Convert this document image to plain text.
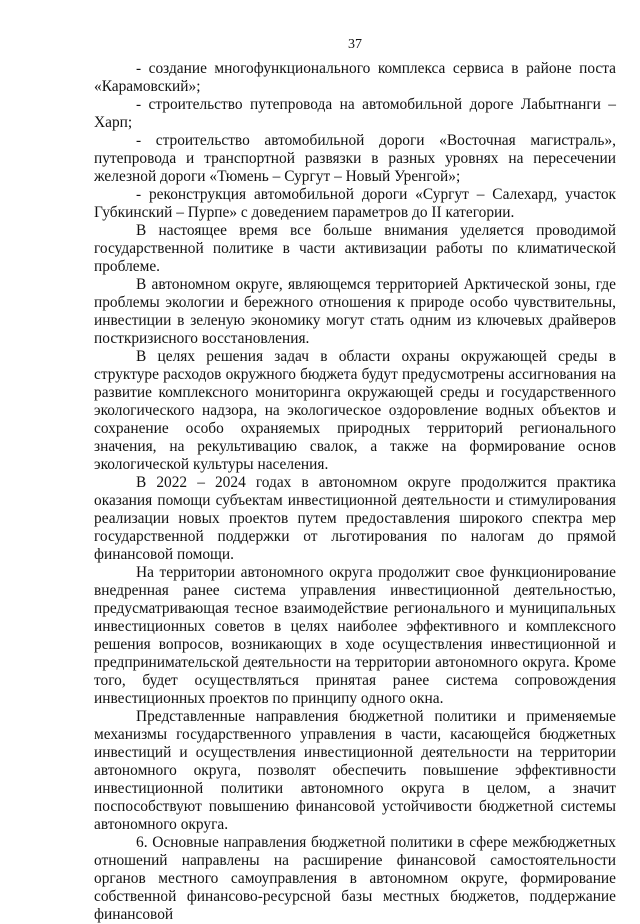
37

- создание многофункционального комплекса сервиса в районе поста «Карамовский»;

- строительство путепровода на автомобильной дороге Лабытнанги – Харп;

- строительство автомобильной дороги «Восточная магистраль», путепровода и транспортной развязки в разных уровнях на пересечении железной дороги «Тюмень – Сургут – Новый Уренгой»;

- реконструкция автомобильной дороги «Сургут – Салехард, участок Губкинский – Пурпе» с доведением параметров до II категории.

В настоящее время все больше внимания уделяется проводимой государственной политике в части активизации работы по климатической проблеме.

В автономном округе, являющемся территорией Арктической зоны, где проблемы экологии и бережного отношения к природе особо чувствительны, инвестиции в зеленую экономику могут стать одним из ключевых драйверов посткризисного восстановления.

В целях решения задач в области охраны окружающей среды в структуре расходов окружного бюджета будут предусмотрены ассигнования на развитие комплексного мониторинга окружающей среды и государственного экологического надзора, на экологическое оздоровление водных объектов и сохранение особо охраняемых природных территорий регионального значения, на рекультивацию свалок, а также на формирование основ экологической культуры населения.

В 2022 – 2024 годах в автономном округе продолжится практика оказания помощи субъектам инвестиционной деятельности и стимулирования реализации новых проектов путем предоставления широкого спектра мер государственной поддержки от льготирования по налогам до прямой финансовой помощи.

На территории автономного округа продолжит свое функционирование внедренная ранее система управления инвестиционной деятельностью, предусматривающая тесное взаимодействие регионального и муниципальных инвестиционных советов в целях наиболее эффективного и комплексного решения вопросов, возникающих в ходе осуществления инвестиционной и предпринимательской деятельности на территории автономного округа. Кроме того, будет осуществляться принятая ранее система сопровождения инвестиционных проектов по принципу одного окна.

Представленные направления бюджетной политики и применяемые механизмы государственного управления в части, касающейся бюджетных инвестиций и осуществления инвестиционной деятельности на территории автономного округа, позволят обеспечить повышение эффективности инвестиционной политики автономного округа в целом, а значит поспособствуют повышению финансовой устойчивости бюджетной системы автономного округа.

6. Основные направления бюджетной политики в сфере межбюджетных отношений направлены на расширение финансовой самостоятельности органов местного самоуправления в автономном округе, формирование собственной финансово-ресурсной базы местных бюджетов, поддержание финансовой
